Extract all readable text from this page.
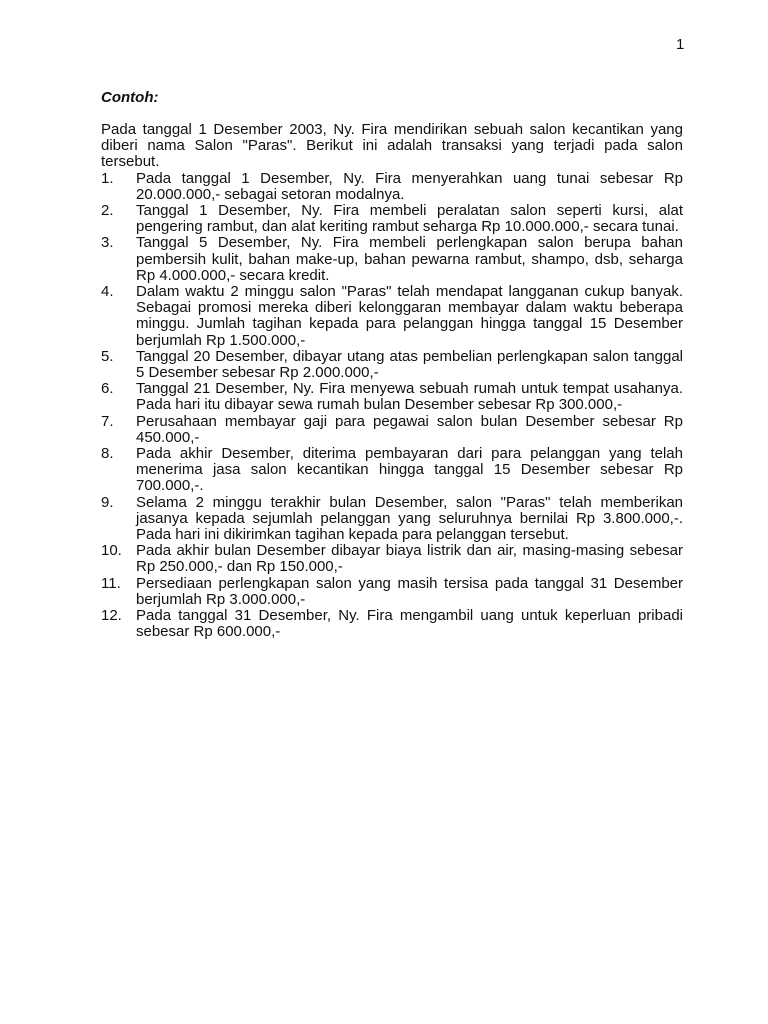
1
Contoh:

Pada tanggal 1 Desember 2003, Ny. Fira mendirikan sebuah salon kecantikan yang diberi nama Salon "Paras". Berikut ini adalah transaksi yang terjadi pada salon tersebut.

1. Pada tanggal 1 Desember, Ny. Fira menyerahkan uang tunai sebesar Rp 20.000.000,- sebagai setoran modalnya.
2. Tanggal 1 Desember, Ny. Fira membeli peralatan salon seperti kursi, alat pengering rambut, dan alat keriting rambut seharga Rp 10.000.000,- secara tunai.
3. Tanggal 5 Desember, Ny. Fira membeli perlengkapan salon berupa bahan pembersih kulit, bahan make-up, bahan pewarna rambut, shampo, dsb, seharga Rp 4.000.000,- secara kredit.
4. Dalam waktu 2 minggu salon "Paras" telah mendapat langganan cukup banyak. Sebagai promosi mereka diberi kelonggaran membayar dalam waktu beberapa minggu. Jumlah tagihan kepada para pelanggan hingga tanggal 15 Desember berjumlah Rp 1.500.000,-
5. Tanggal 20 Desember, dibayar utang atas pembelian perlengkapan salon tanggal 5 Desember sebesar Rp 2.000.000,-
6. Tanggal 21 Desember, Ny. Fira menyewa sebuah rumah untuk tempat usahanya. Pada hari itu dibayar sewa rumah bulan Desember sebesar Rp 300.000,-
7. Perusahaan membayar gaji para pegawai salon bulan Desember sebesar Rp 450.000,-
8. Pada akhir Desember, diterima pembayaran dari para pelanggan yang telah menerima jasa salon kecantikan hingga tanggal 15 Desember sebesar Rp 700.000,-.
9. Selama 2 minggu terakhir bulan Desember, salon "Paras" telah memberikan jasanya kepada sejumlah pelanggan yang seluruhnya bernilai Rp 3.800.000,-. Pada hari ini dikirimkan tagihan kepada para pelanggan tersebut.
10. Pada akhir bulan Desember dibayar biaya listrik dan air, masing-masing sebesar Rp 250.000,- dan Rp 150.000,-
11. Persediaan perlengkapan salon yang masih tersisa pada tanggal 31 Desember berjumlah Rp 3.000.000,-
12. Pada tanggal 31 Desember, Ny. Fira mengambil uang untuk keperluan pribadi sebesar Rp 600.000,-
